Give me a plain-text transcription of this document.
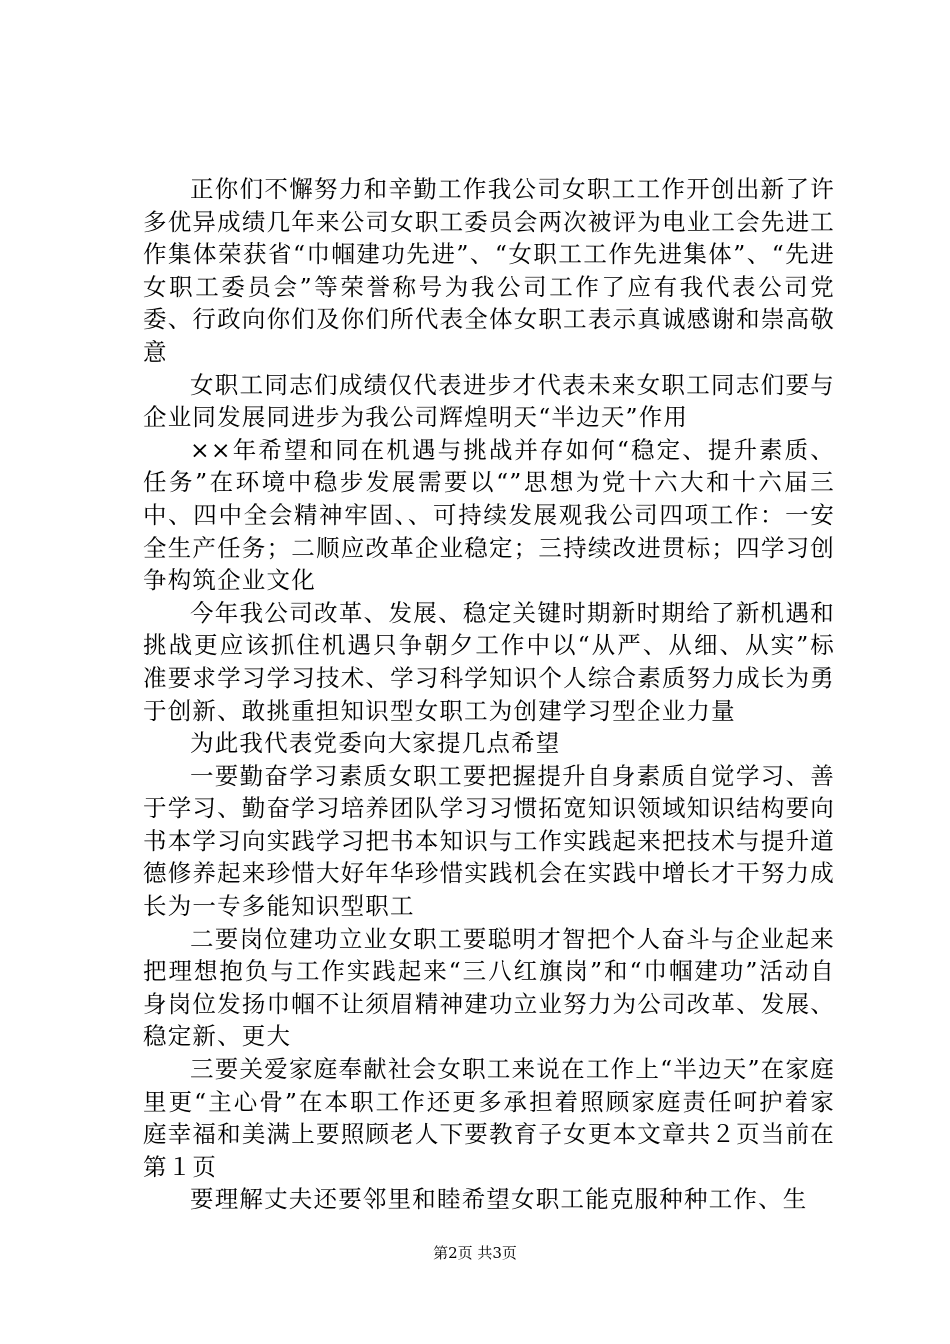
正你们不懈努力和辛勤工作我公司女职工工作开创出新了许多优异成绩几年来公司女职工委员会两次被评为电业工会先进工作集体荣获省“巾帼建功先进”、“女职工工作先进集体”、“先进女职工委员会”等荣誉称号为我公司工作了应有我代表公司党委、行政向你们及你们所代表全体女职工表示真诚感谢和崇高敬意

女职工同志们成绩仅代表进步才代表未来女职工同志们要与企业同发展同进步为我公司辉煌明天“半边天”作用

××年希望和同在机遇与挑战并存如何“稳定、提升素质、任务”在环境中稳步发展需要以“”思想为党十六大和十六届三中、四中全会精神牢固、、可持续发展观我公司四项工作：一安全生产任务；二顺应改革企业稳定；三持续改进贯标；四学习创争构筑企业文化

今年我公司改革、发展、稳定关键时期新时期给了新机遇和挑战更应该抓住机遇只争朝夕工作中以“从严、从细、从实”标准要求学习学习技术、学习科学知识个人综合素质努力成长为勇于创新、敢挑重担知识型女职工为创建学习型企业力量

为此我代表党委向大家提几点希望

一要勤奋学习素质女职工要把握提升自身素质自觉学习、善于学习、勤奋学习培养团队学习习惯拓宽知识领域知识结构要向书本学习向实践学习把书本知识与工作实践起来把技术与提升道德修养起来珍惜大好年华珍惜实践机会在实践中增长才干努力成长为一专多能知识型职工

二要岗位建功立业女职工要聪明才智把个人奋斗与企业起来把理想抱负与工作实践起来“三八红旗岗”和“巾帼建功”活动自身岗位发扬巾帼不让须眉精神建功立业努力为公司改革、发展、稳定新、更大

三要关爱家庭奉献社会女职工来说在工作上“半边天”在家庭里更“主心骨”在本职工作还更多承担着照顾家庭责任呵护着家庭幸福和美满上要照顾老人下要教育子女更本文章共２页当前在第１页

要理解丈夫还要邻里和睦希望女职工能克服种种工作、生

第2页 共3页
